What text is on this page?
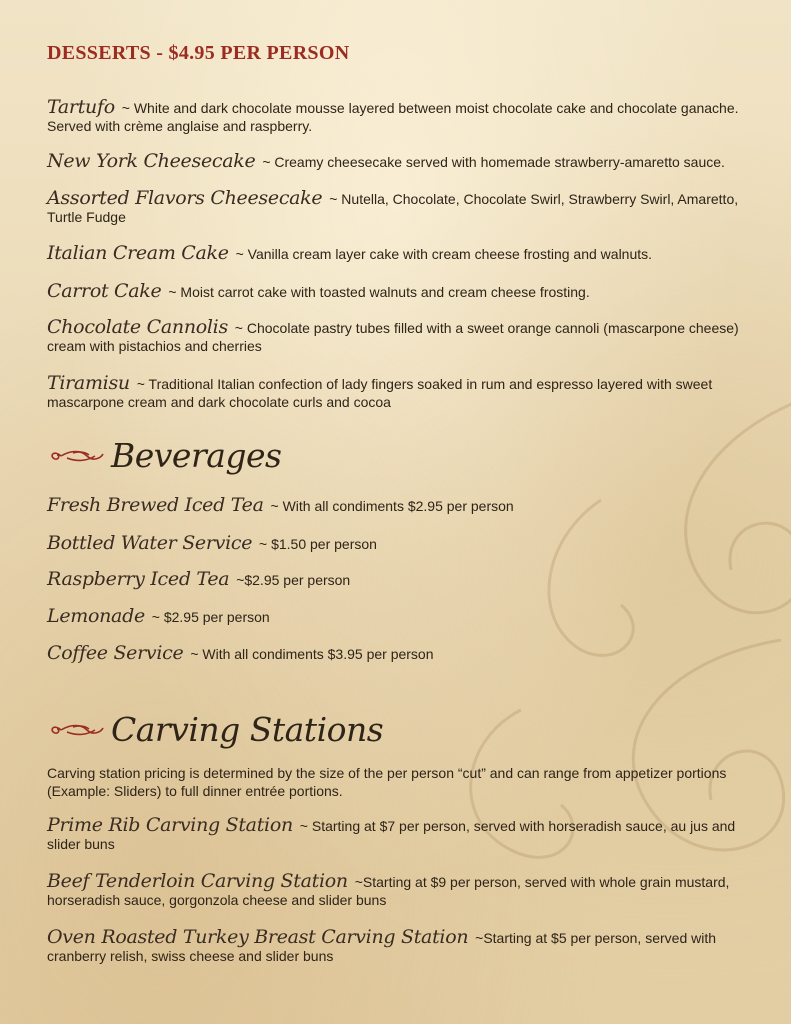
DESSERTS - $4.95 PER PERSON
Tartufo ~ White and dark chocolate mousse layered between moist chocolate cake and chocolate ganache. Served with crème anglaise and raspberry.
New York Cheesecake ~ Creamy cheesecake served with homemade strawberry-amaretto sauce.
Assorted Flavors Cheesecake ~ Nutella, Chocolate, Chocolate Swirl, Strawberry Swirl, Amaretto, Turtle Fudge
Italian Cream Cake ~ Vanilla cream layer cake with cream cheese frosting and walnuts.
Carrot Cake ~ Moist carrot cake with toasted walnuts and cream cheese frosting.
Chocolate Cannolis ~ Chocolate pastry tubes filled with a sweet orange cannoli (mascarpone cheese) cream with pistachios and cherries
Tiramisu ~ Traditional Italian confection of lady fingers soaked in rum and espresso layered with sweet mascarpone cream and dark chocolate curls and cocoa
Beverages
Fresh Brewed Iced Tea ~ With all condiments $2.95 per person
Bottled Water Service ~ $1.50 per person
Raspberry Iced Tea ~$2.95 per person
Lemonade ~ $2.95 per person
Coffee Service ~ With all condiments $3.95 per person
Carving Stations
Carving station pricing is determined by the size of the per person “cut” and can range from appetizer portions (Example: Sliders) to full dinner entrée portions.
Prime Rib Carving Station ~ Starting at $7 per person, served with horseradish sauce, au jus and slider buns
Beef Tenderloin Carving Station ~Starting at $9 per person, served with whole grain mustard, horseradish sauce, gorgonzola cheese and slider buns
Oven Roasted Turkey Breast Carving Station ~Starting at $5 per person, served with cranberry relish, swiss cheese and slider buns
